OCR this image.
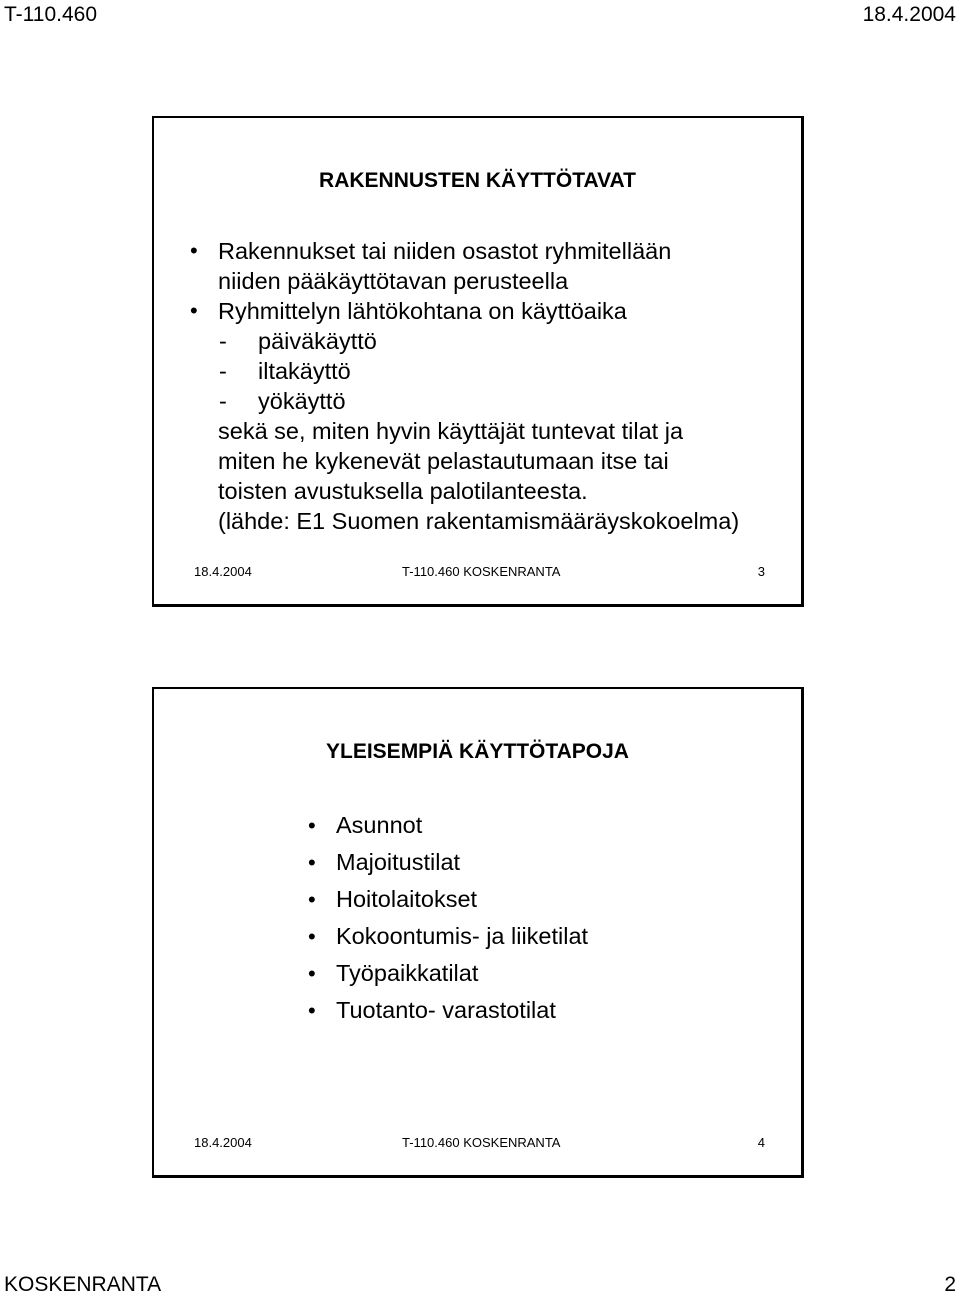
T-110.460	18.4.2004
RAKENNUSTEN KÄYTTÖTAVAT
• Rakennukset tai niiden osastot ryhmitellään
niiden pääkäyttötavan perusteella
• Ryhmittelyn lähtökohtana on käyttöaika
- päiväkäyttö
- iltakäyttö
- yökäyttö
sekä se, miten hyvin käyttäjät tuntevat tilat ja
miten he kykenevät pelastautumaan itse tai
toisten avustuksella palotilanteesta.
(lähde: E1 Suomen rakentamismääräyskokoelma)
18.4.2004	T-110.460 KOSKENRANTA	3
YLEISEMPIÄ KÄYTTÖTAPOJA
• Asunnot
• Majoitustilat
• Hoitolaitokset
• Kokoontumis- ja liiketilat
• Työpaikkatilat
• Tuotanto- varastotilat
18.4.2004	T-110.460 KOSKENRANTA	4
KOSKENRANTA	2
